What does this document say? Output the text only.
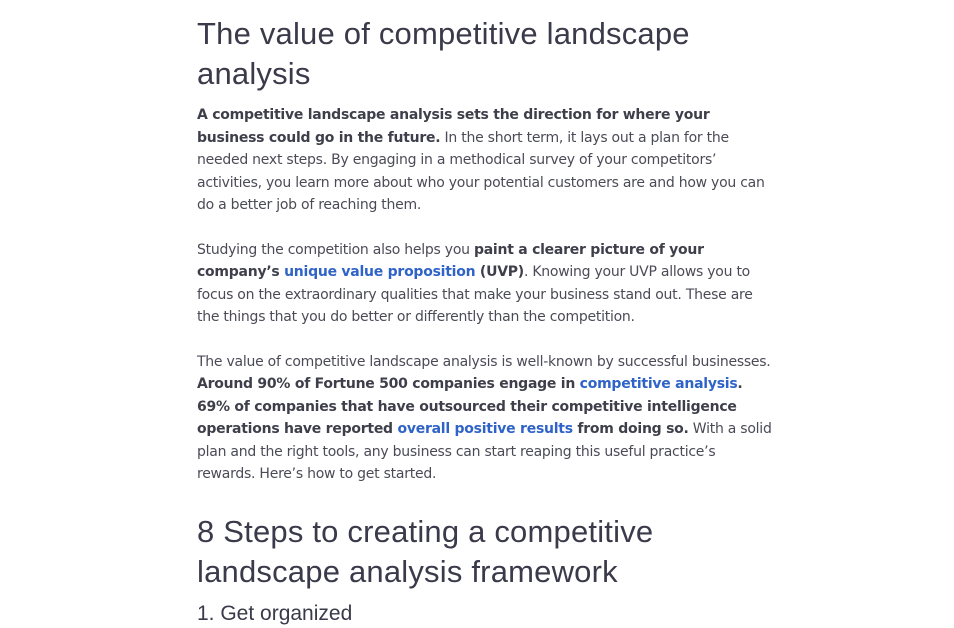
The value of competitive landscape
analysis

A competitive landscape analysis sets the direction for where your business could go in the future. In the short term, it lays out a plan for the needed next steps. By engaging in a methodical survey of your competitors’ activities, you learn more about who your potential customers are and how you can do a better job of reaching them.

Studying the competition also helps you paint a clearer picture of your company’s unique value proposition (UVP). Knowing your UVP allows you to focus on the extraordinary qualities that make your business stand out. These are the things that you do better or differently than the competition.

The value of competitive landscape analysis is well-known by successful businesses. Around 90% of Fortune 500 companies engage in competitive analysis. 69% of companies that have outsourced their competitive intelligence operations have reported overall positive results from doing so. With a solid plan and the right tools, any business can start reaping this useful practice’s rewards. Here’s how to get started.

8 Steps to creating a competitive
landscape analysis framework
1. Get organized
